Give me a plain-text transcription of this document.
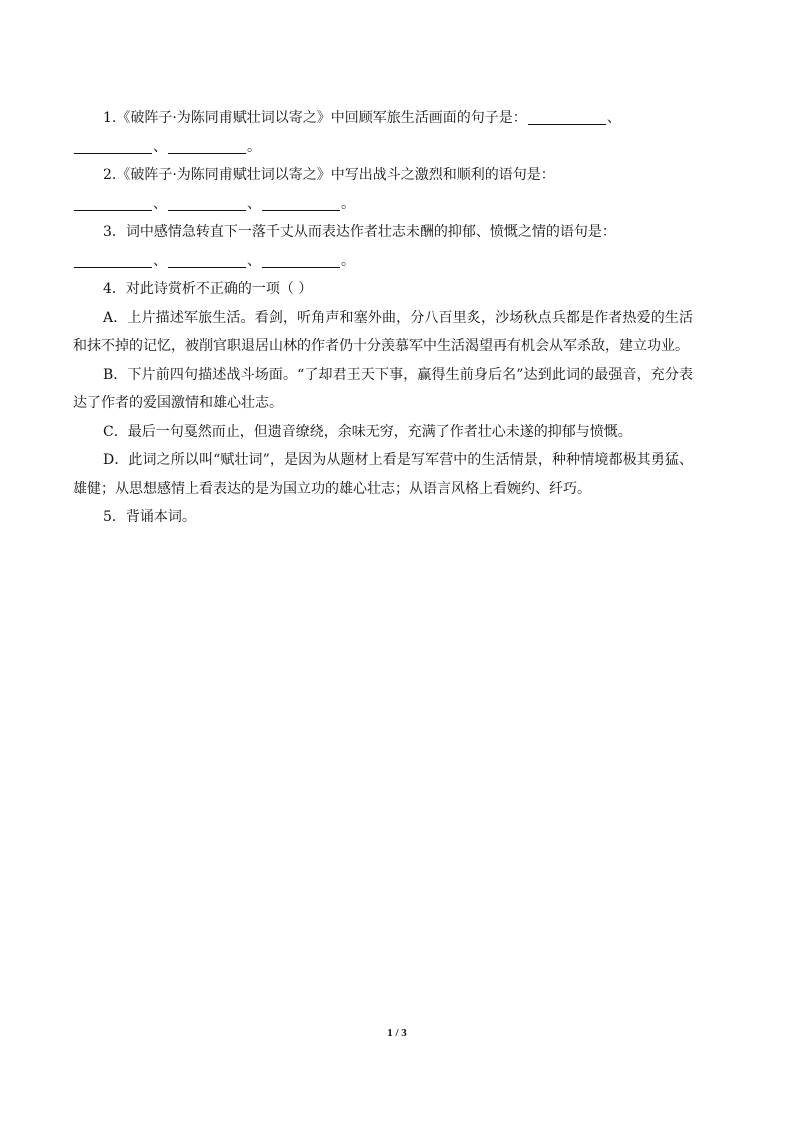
1.《破阵子·为陈同甫赋壮词以寄之》中回顾军旅生活画面的句子是：	、

、	。

2.《破阵子·为陈同甫赋壮词以寄之》中写出战斗之激烈和顺利的语句是：

、	、	。

3．词中感情急转直下一落千丈从而表达作者壮志未酬的抑郁、愤慨之情的语句是：

、	、	。

4．对此诗赏析不正确的一项（ ）

A．上片描述军旅生活。看剑，听角声和塞外曲，分八百里炙，沙场秋点兵都是作者热爱的生活和抹不掉的记忆，被削官职退居山林的作者仍十分羡慕军中生活渴望再有机会从军杀敌，建立功业。

B．下片前四句描述战斗场面。“了却君王天下事，赢得生前身后名”达到此词的最强音，充分表达了作者的爱国激情和雄心壮志。

C．最后一句戛然而止，但遗音缭绕，余味无穷，充满了作者壮心未遂的抑郁与愤慨。

D．此词之所以叫“赋壮词”，是因为从题材上看是写军营中的生活情景，种种情境都极其勇猛、雄健；从思想感情上看表达的是为国立功的雄心壮志；从语言风格上看婉约、纤巧。

5．背诵本词。

1 / 3
